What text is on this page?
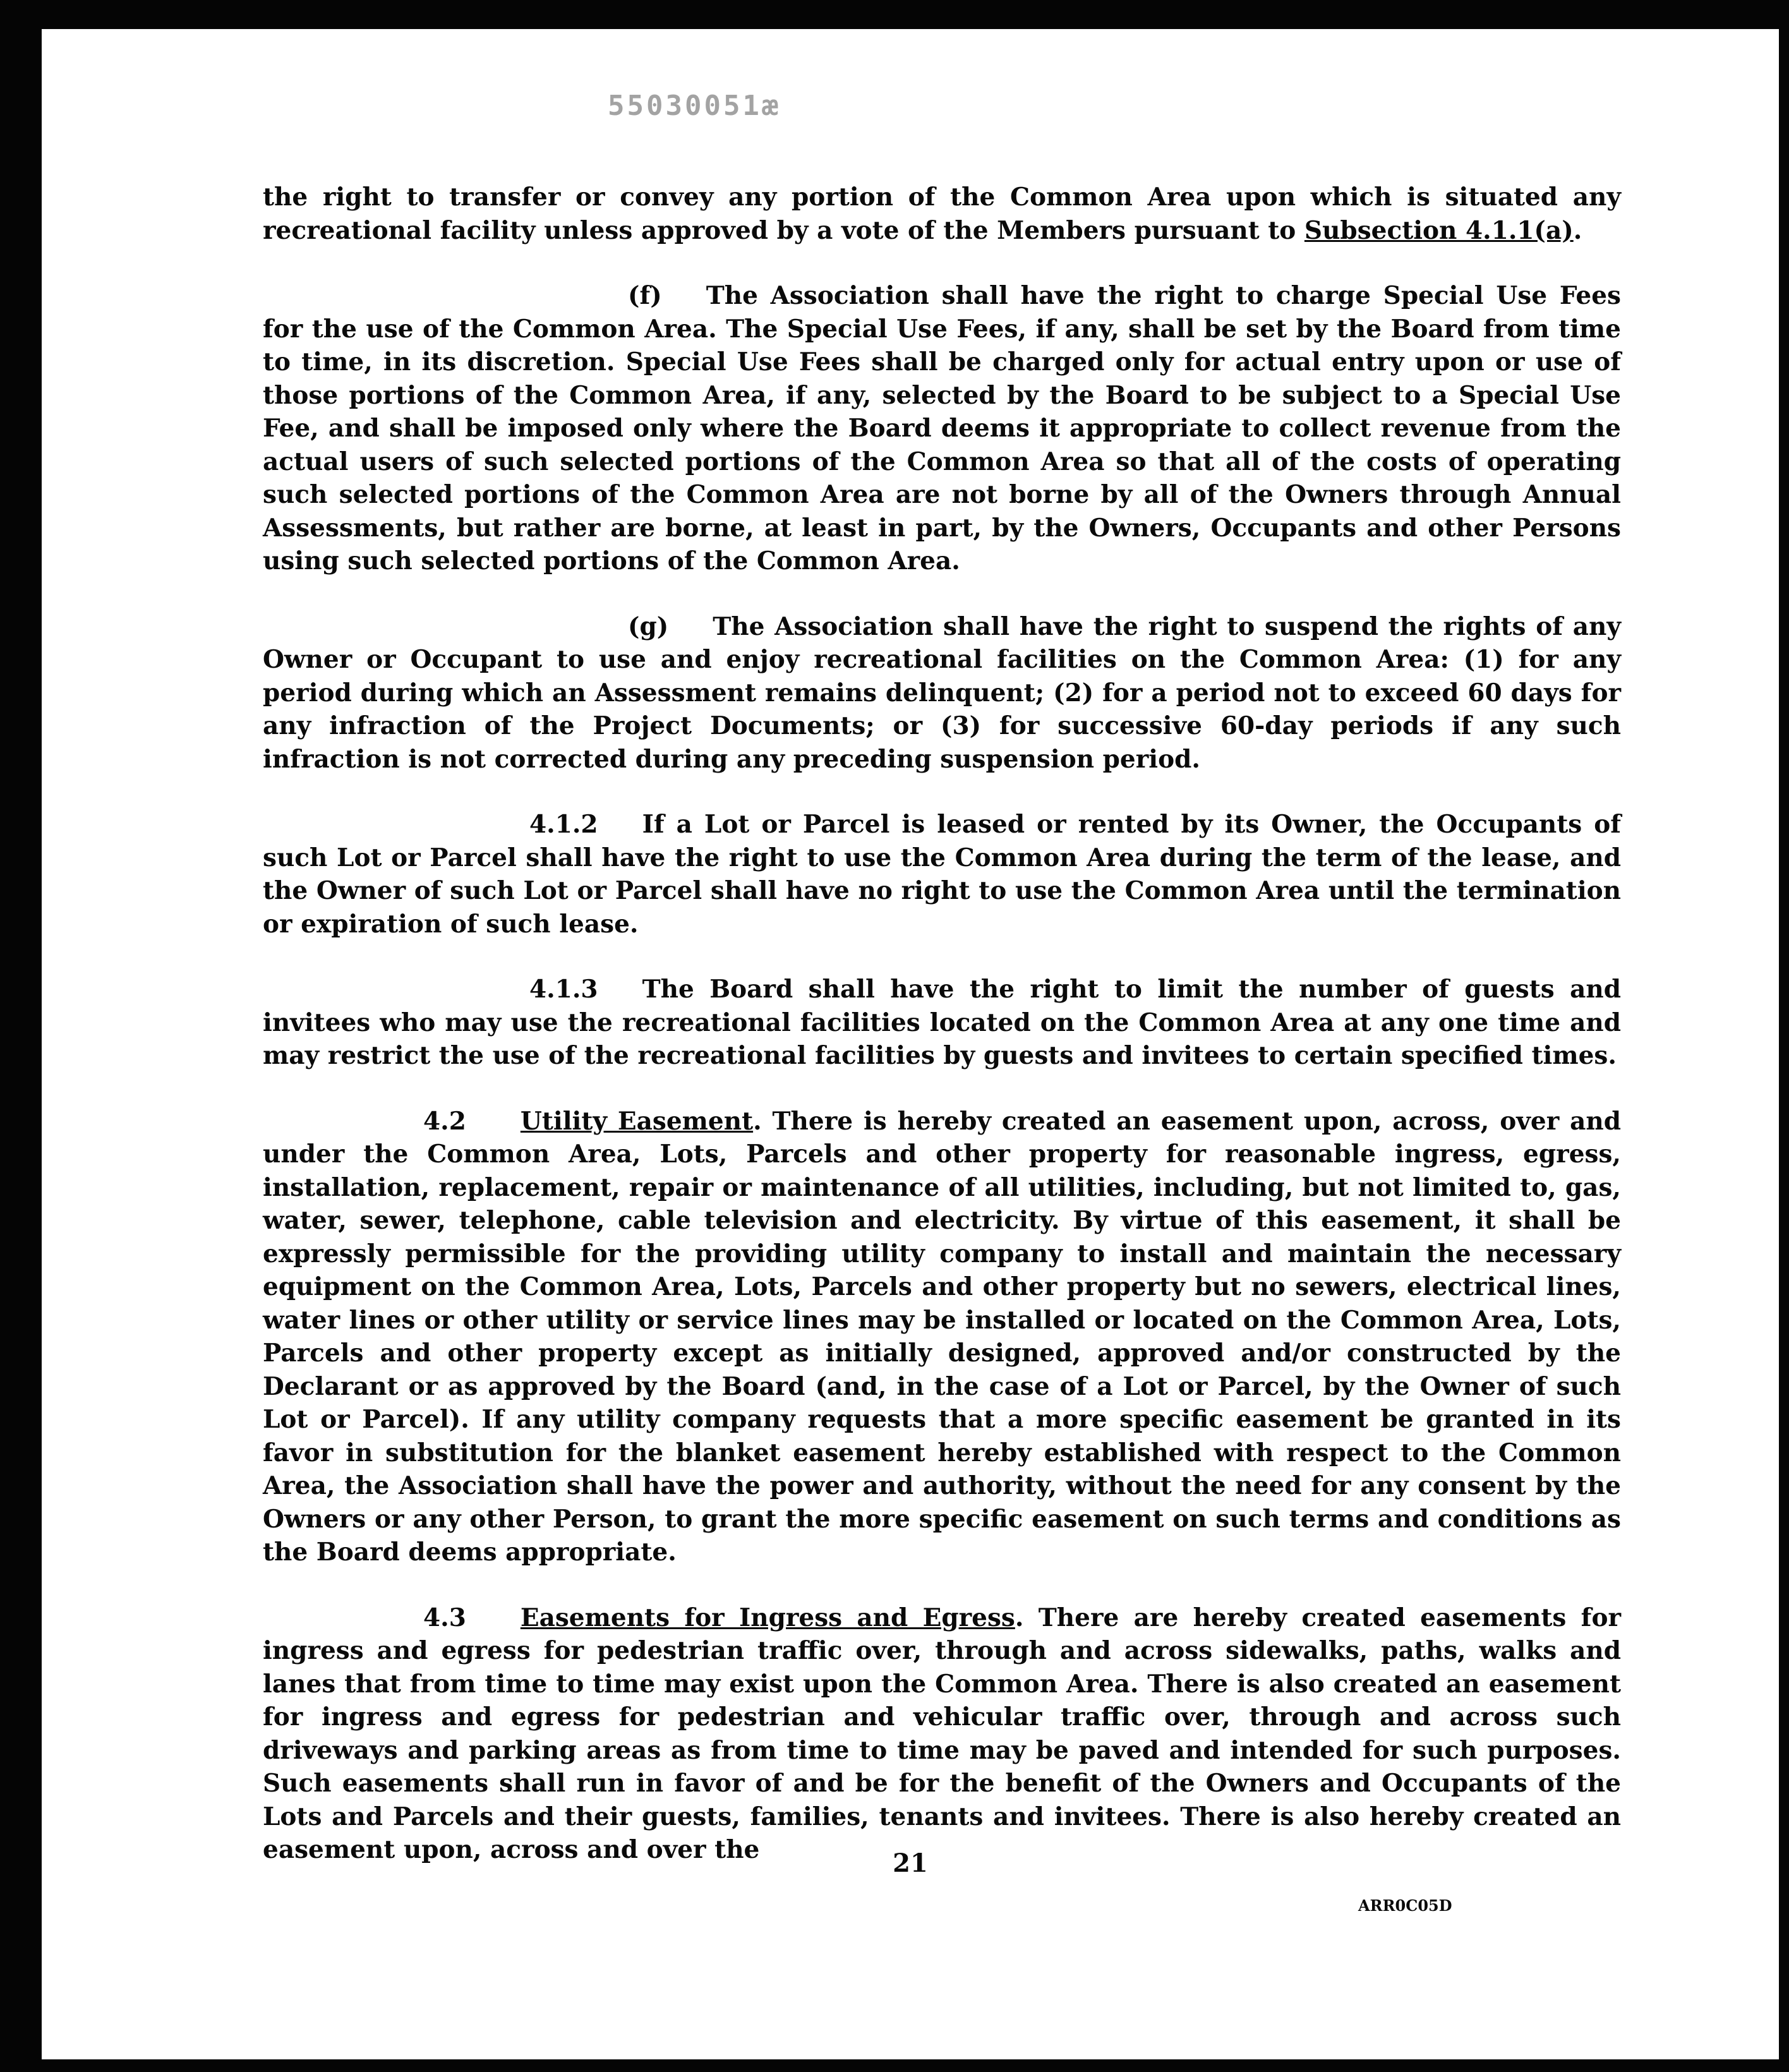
55030051æ

the right to transfer or convey any portion of the Common Area upon which is situated any recreational facility unless approved by a vote of the Members pursuant to Subsection 4.1.1(a).

(f) The Association shall have the right to charge Special Use Fees for the use of the Common Area. The Special Use Fees, if any, shall be set by the Board from time to time, in its discretion. Special Use Fees shall be charged only for actual entry upon or use of those portions of the Common Area, if any, selected by the Board to be subject to a Special Use Fee, and shall be imposed only where the Board deems it appropriate to collect revenue from the actual users of such selected portions of the Common Area so that all of the costs of operating such selected portions of the Common Area are not borne by all of the Owners through Annual Assessments, but rather are borne, at least in part, by the Owners, Occupants and other Persons using such selected portions of the Common Area.

(g) The Association shall have the right to suspend the rights of any Owner or Occupant to use and enjoy recreational facilities on the Common Area: (1) for any period during which an Assessment remains delinquent; (2) for a period not to exceed 60 days for any infraction of the Project Documents; or (3) for successive 60-day periods if any such infraction is not corrected during any preceding suspension period.

4.1.2 If a Lot or Parcel is leased or rented by its Owner, the Occupants of such Lot or Parcel shall have the right to use the Common Area during the term of the lease, and the Owner of such Lot or Parcel shall have no right to use the Common Area until the termination or expiration of such lease.

4.1.3 The Board shall have the right to limit the number of guests and invitees who may use the recreational facilities located on the Common Area at any one time and may restrict the use of the recreational facilities by guests and invitees to certain specified times.

4.2 Utility Easement. There is hereby created an easement upon, across, over and under the Common Area, Lots, Parcels and other property for reasonable ingress, egress, installation, replacement, repair or maintenance of all utilities, including, but not limited to, gas, water, sewer, telephone, cable television and electricity. By virtue of this easement, it shall be expressly permissible for the providing utility company to install and maintain the necessary equipment on the Common Area, Lots, Parcels and other property but no sewers, electrical lines, water lines or other utility or service lines may be installed or located on the Common Area, Lots, Parcels and other property except as initially designed, approved and/or constructed by the Declarant or as approved by the Board (and, in the case of a Lot or Parcel, by the Owner of such Lot or Parcel). If any utility company requests that a more specific easement be granted in its favor in substitution for the blanket easement hereby established with respect to the Common Area, the Association shall have the power and authority, without the need for any consent by the Owners or any other Person, to grant the more specific easement on such terms and conditions as the Board deems appropriate.

4.3 Easements for Ingress and Egress. There are hereby created easements for ingress and egress for pedestrian traffic over, through and across sidewalks, paths, walks and lanes that from time to time may exist upon the Common Area. There is also created an easement for ingress and egress for pedestrian and vehicular traffic over, through and across such driveways and parking areas as from time to time may be paved and intended for such purposes. Such easements shall run in favor of and be for the benefit of the Owners and Occupants of the Lots and Parcels and their guests, families, tenants and invitees. There is also hereby created an easement upon, across and over the	21
ARR0C05D
